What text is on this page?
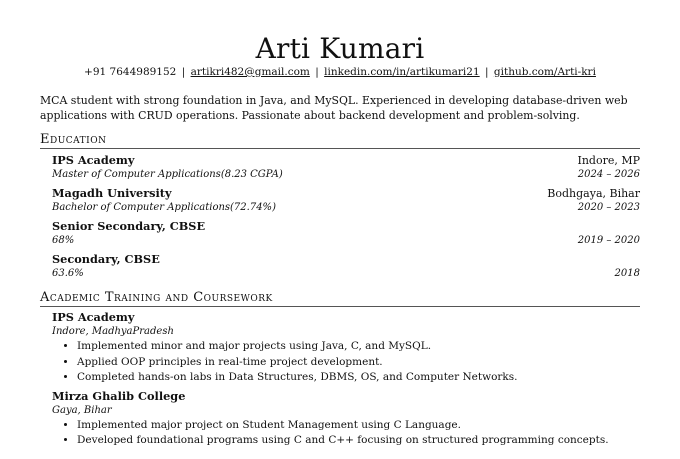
Arti Kumari
+91 7644989152 | artikri482@gmail.com | linkedin.com/in/artikumari21 | github.com/Arti-kri
MCA student with strong foundation in Java, and MySQL. Experienced in developing database-driven web applications with CRUD operations. Passionate about backend development and problem-solving.
Education
IPS Academy	Indore, MP
Master of Computer Applications(8.23 CGPA)	2024 – 2026
Magadh University	Bodhgaya, Bihar
Bachelor of Computer Applications(72.74%)	2020 – 2023
Senior Secondary, CBSE
68%	2019 – 2020
Secondary, CBSE
63.6%	2018
Academic Training and Coursework
IPS Academy
Indore, MadhyaPradesh
• Implemented minor and major projects using Java, C, and MySQL.
• Applied OOP principles in real-time project development.
• Completed hands-on labs in Data Structures, DBMS, OS, and Computer Networks.
Mirza Ghalib College
Gaya, Bihar
• Implemented major project on Student Management using C Language.
• Developed foundational programs using C and C++ focusing on structured programming concepts.
